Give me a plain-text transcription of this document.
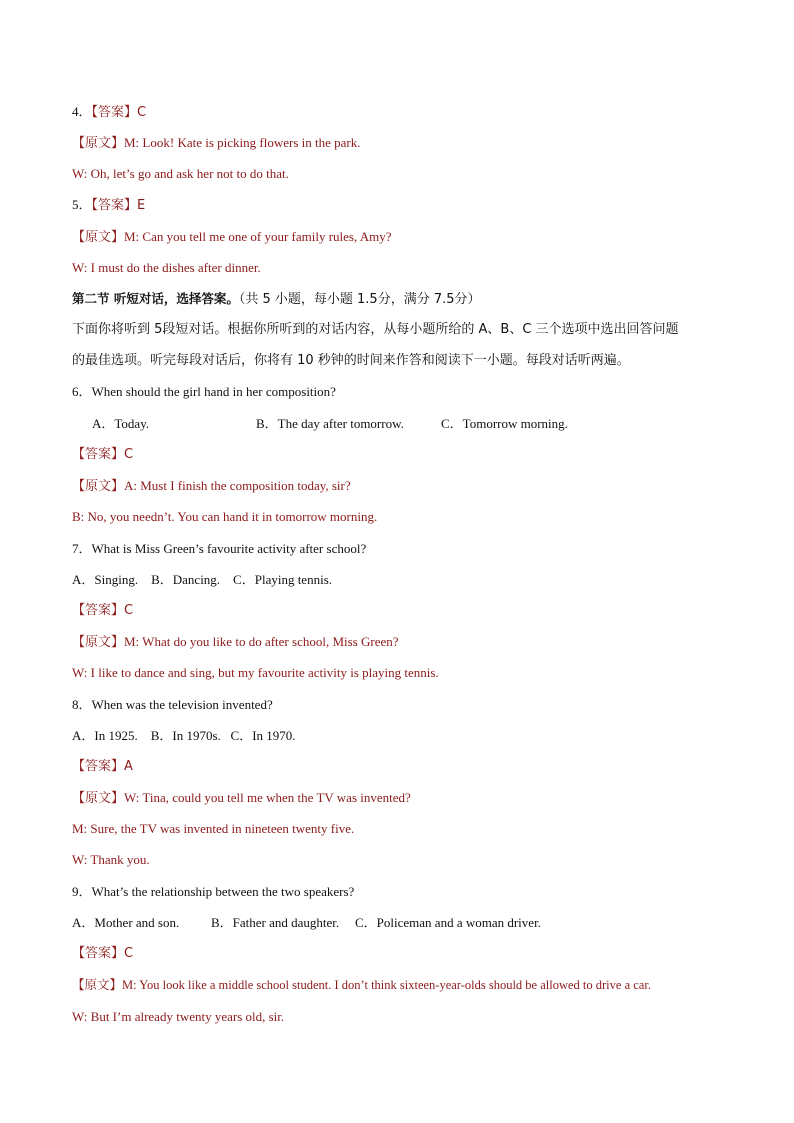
4．【答案】C
【原文】M: Look! Kate is picking flowers in the park.
W: Oh, let’s go and ask her not to do that.
5．【答案】E
【原文】M: Can you tell me one of your family rules, Amy?
W: I must do the dishes after dinner.
第二节 听短对话，选择答案。（共 5 小题，每小题 1.5分，满分 7.5分）
下面你将听到 5段短对话。根据你所听到的对话内容，从每小题所给的 A、B、C 三个选项中选出回答问题
的最佳选项。听完每段对话后，你将有 10 秒钟的时间来作答和阅读下一小题。每段对话听两遍。
6．When should the girl hand in her composition?
A．Today.	B．The day after tomorrow.	C．Tomorrow morning.
【答案】C
【原文】A: Must I finish the composition today, sir?
B: No, you needn’t. You can hand it in tomorrow morning.
7．What is Miss Green’s favourite activity after school?
A．Singing.    B．Dancing.    C．Playing tennis.
【答案】C
【原文】M: What do you like to do after school, Miss Green?
W: I like to dance and sing, but my favourite activity is playing tennis.
8．When was the television invented?
A．In 1925.    B．In 1970s.   C．In 1970.
【答案】A
【原文】W: Tina, could you tell me when the TV was invented?
M: Sure, the TV was invented in nineteen twenty five.
W: Thank you.
9．What’s the relationship between the two speakers?
A．Mother and son. B．Father and daughter. C．Policeman and a woman driver.
【答案】C
【原文】M: You look like a middle school student. I don’t think sixteen-year-olds should be allowed to drive a car.
W: But I’m already twenty years old, sir.
